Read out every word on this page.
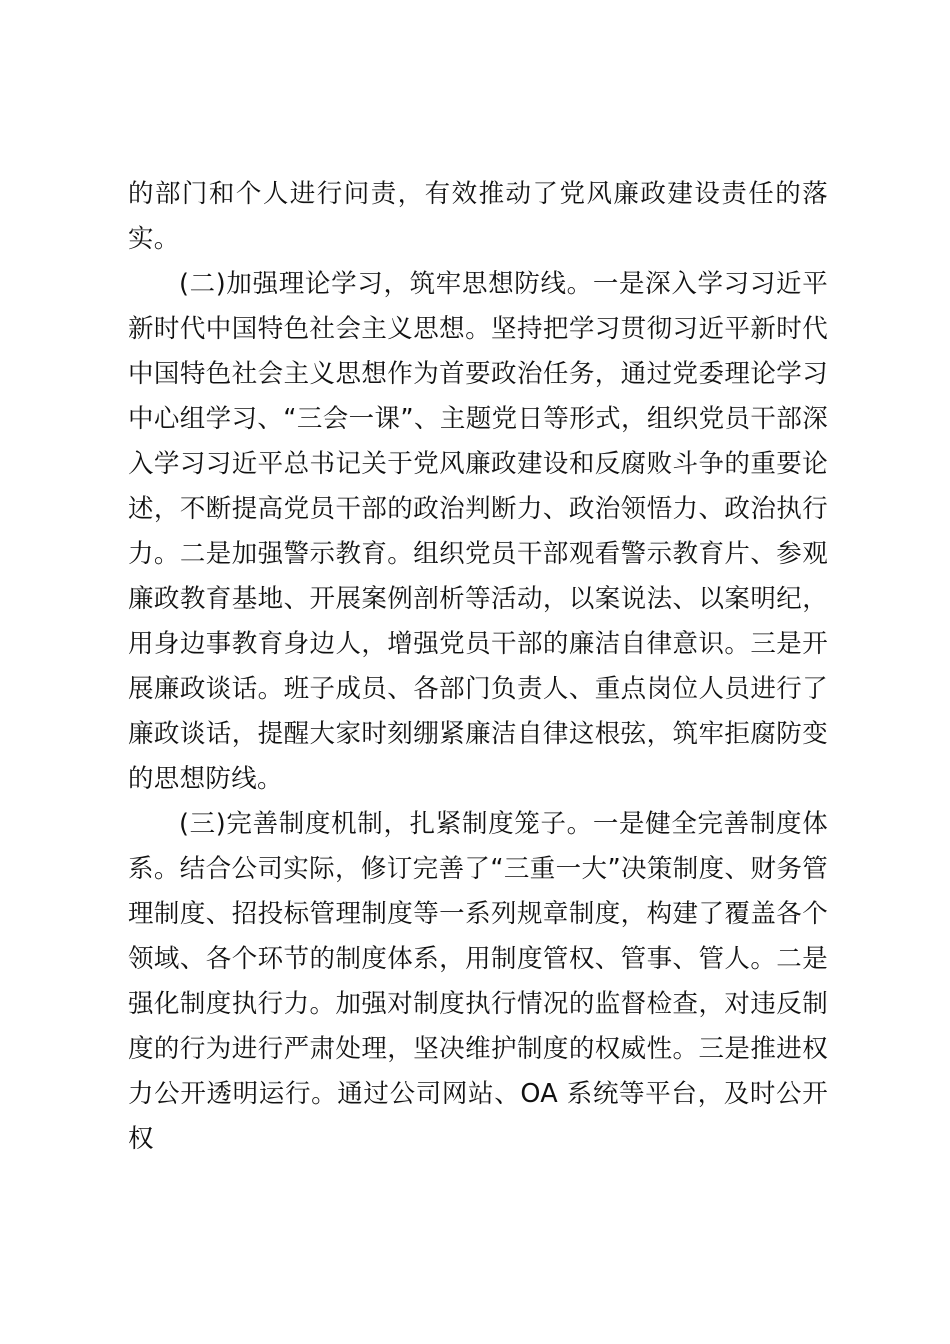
的部门和个人进行问责，有效推动了党风廉政建设责任的落实。

(二)加强理论学习，筑牢思想防线。一是深入学习习近平新时代中国特色社会主义思想。坚持把学习贯彻习近平新时代中国特色社会主义思想作为首要政治任务，通过党委理论学习中心组学习、“三会一课”、主题党日等形式，组织党员干部深入学习习近平总书记关于党风廉政建设和反腐败斗争的重要论述，不断提高党员干部的政治判断力、政治领悟力、政治执行力。二是加强警示教育。组织党员干部观看警示教育片、参观廉政教育基地、开展案例剖析等活动，以案说法、以案明纪，用身边事教育身边人，增强党员干部的廉洁自律意识。三是开展廉政谈话。班子成员、各部门负责人、重点岗位人员进行了廉政谈话，提醒大家时刻绷紧廉洁自律这根弦，筑牢拒腐防变的思想防线。

(三)完善制度机制，扎紧制度笼子。一是健全完善制度体系。结合公司实际，修订完善了“三重一大”决策制度、财务管理制度、招投标管理制度等一系列规章制度，构建了覆盖各个领域、各个环节的制度体系，用制度管权、管事、管人。二是强化制度执行力。加强对制度执行情况的监督检查，对违反制度的行为进行严肃处理，坚决维护制度的权威性。三是推进权力公开透明运行。通过公司网站、OA 系统等平台，及时公开权
